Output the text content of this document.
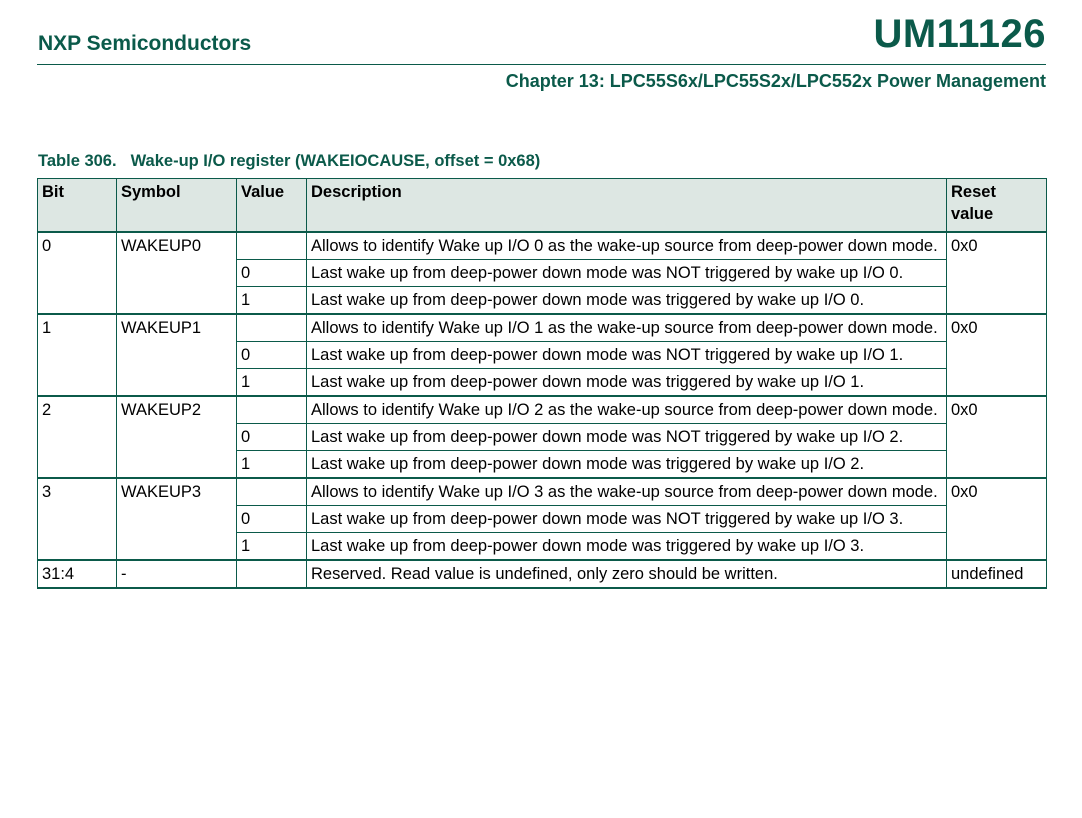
NXP Semiconductors	UM11126
Chapter 13: LPC55S6x/LPC55S2x/LPC552x Power Management
Table 306. Wake-up I/O register (WAKEIOCAUSE, offset = 0x68)
Bit	Symbol	Value	Description	Reset value
0	WAKEUP0		Allows to identify Wake up I/O 0 as the wake-up source from deep-power down mode.	0x0
		0	Last wake up from deep-power down mode was NOT triggered by wake up I/O 0.	
		1	Last wake up from deep-power down mode was triggered by wake up I/O 0.	
1	WAKEUP1		Allows to identify Wake up I/O 1 as the wake-up source from deep-power down mode.	0x0
		0	Last wake up from deep-power down mode was NOT triggered by wake up I/O 1.	
		1	Last wake up from deep-power down mode was triggered by wake up I/O 1.	
2	WAKEUP2		Allows to identify Wake up I/O 2 as the wake-up source from deep-power down mode.	0x0
		0	Last wake up from deep-power down mode was NOT triggered by wake up I/O 2.	
		1	Last wake up from deep-power down mode was triggered by wake up I/O 2.	
3	WAKEUP3		Allows to identify Wake up I/O 3 as the wake-up source from deep-power down mode.	0x0
		0	Last wake up from deep-power down mode was NOT triggered by wake up I/O 3.	
		1	Last wake up from deep-power down mode was triggered by wake up I/O 3.	
31:4	-		Reserved. Read value is undefined, only zero should be written.	undefined
